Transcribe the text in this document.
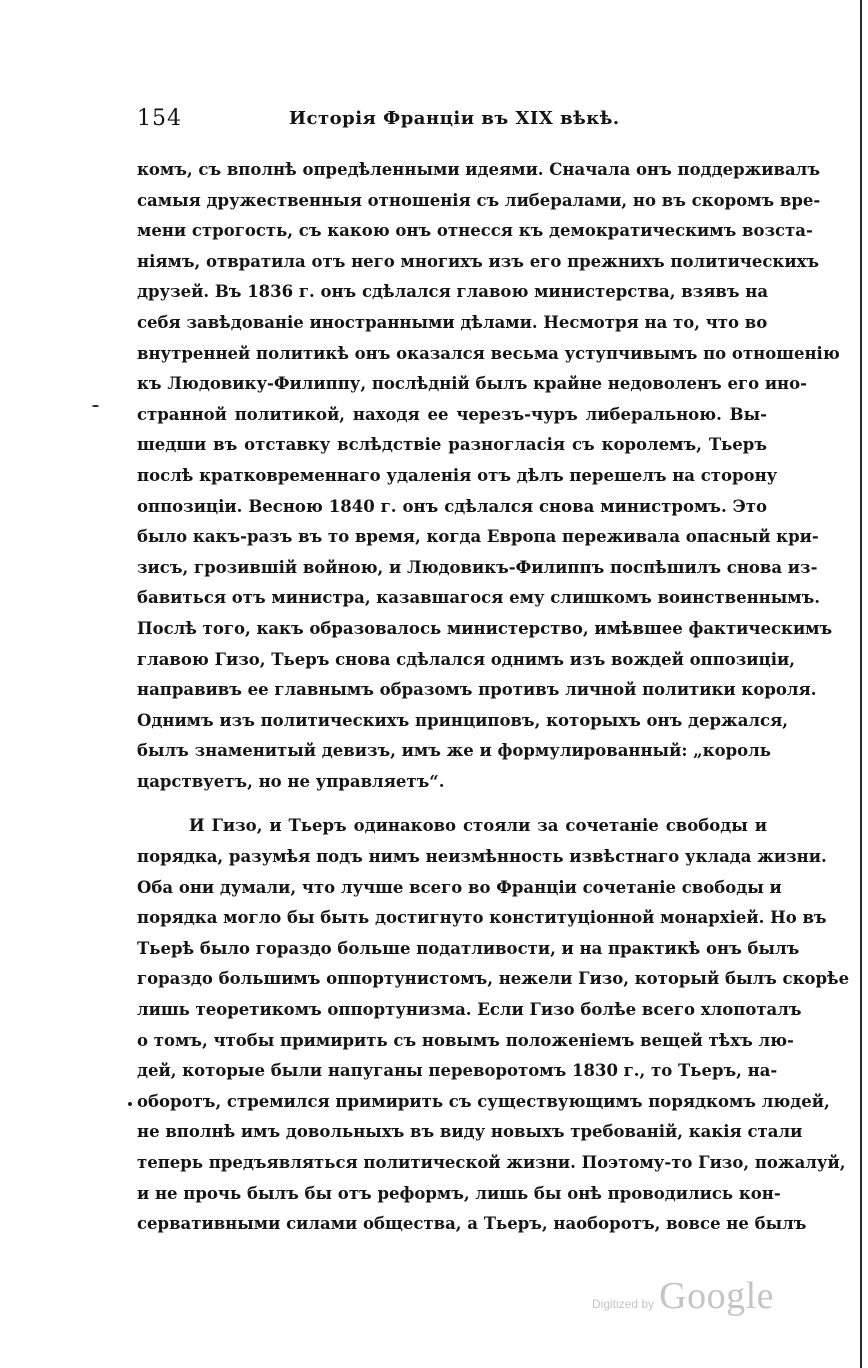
154	Исторія Франціи въ XIX вѣкѣ.
комъ, съ вполнѣ опредѣленными идеями. Сначала онъ поддерживалъ
самыя дружественныя отношенія съ либералами, но въ скоромъ вре-
мени строгость, съ какою онъ отнесся къ демократическимъ возста-
ніямъ, отвратила отъ него многихъ изъ его прежнихъ политическихъ
друзей. Въ 1836 г. онъ сдѣлался главою министерства, взявъ на
себя завѣдованіе иностранными дѣлами. Несмотря на то, что во
внутренней политикѣ онъ оказался весьма уступчивымъ по отношенію
къ Людовику-Филиппу, послѣдній былъ крайне недоволенъ его ино-
странной политикой, находя ее черезъ-чуръ либеральною. Вы-
шедши въ отставку вслѣдствіе разногласія съ королемъ, Тьеръ
послѣ кратковременнаго удаленія отъ дѣлъ перешелъ на сторону
оппозиціи. Весною 1840 г. онъ сдѣлался снова министромъ. Это
было какъ-разъ въ то время, когда Европа переживала опасный кри-
зисъ, грозившій войною, и Людовикъ-Филиппъ поспѣшилъ снова из-
бавиться отъ министра, казавшагося ему слишкомъ воинственнымъ.
Послѣ того, какъ образовалось министерство, имѣвшее фактическимъ
главою Гизо, Тьеръ снова сдѣлался однимъ изъ вождей оппозиціи,
направивъ ее главнымъ образомъ противъ личной политики короля.
Однимъ изъ политическихъ принциповъ, которыхъ онъ держался,
былъ знаменитый девизъ, имъ же и формулированный: „король
царствуетъ, но не управляетъ“.
И Гизо, и Тьеръ одинаково стояли за сочетаніе свободы и
порядка, разумѣя подъ нимъ неизмѣнность извѣстнаго уклада жизни.
Оба они думали, что лучше всего во Франціи сочетаніе свободы и
порядка могло бы быть достигнуто конституціонной монархіей. Но въ
Тьерѣ было гораздо больше податливости, и на практикѣ онъ былъ
гораздо большимъ оппортунистомъ, нежели Гизо, который былъ скорѣе
лишь теоретикомъ оппортунизма. Если Гизо болѣе всего хлопоталъ
о томъ, чтобы примирить съ новымъ положеніемъ вещей тѣхъ лю-
дей, которые были напуганы переворотомъ 1830 г., то Тьеръ, на-
оборотъ, стремился примирить съ существующимъ порядкомъ людей,
не вполнѣ имъ довольныхъ въ виду новыхъ требованій, какія стали
теперь предъявляться политической жизни. Поэтому-то Гизо, пожалуй,
и не прочь былъ бы отъ реформъ, лишь бы онѣ проводились кон-
сервативными силами общества, а Тьеръ, наоборотъ, вовсе не былъ
Digitized by Google
